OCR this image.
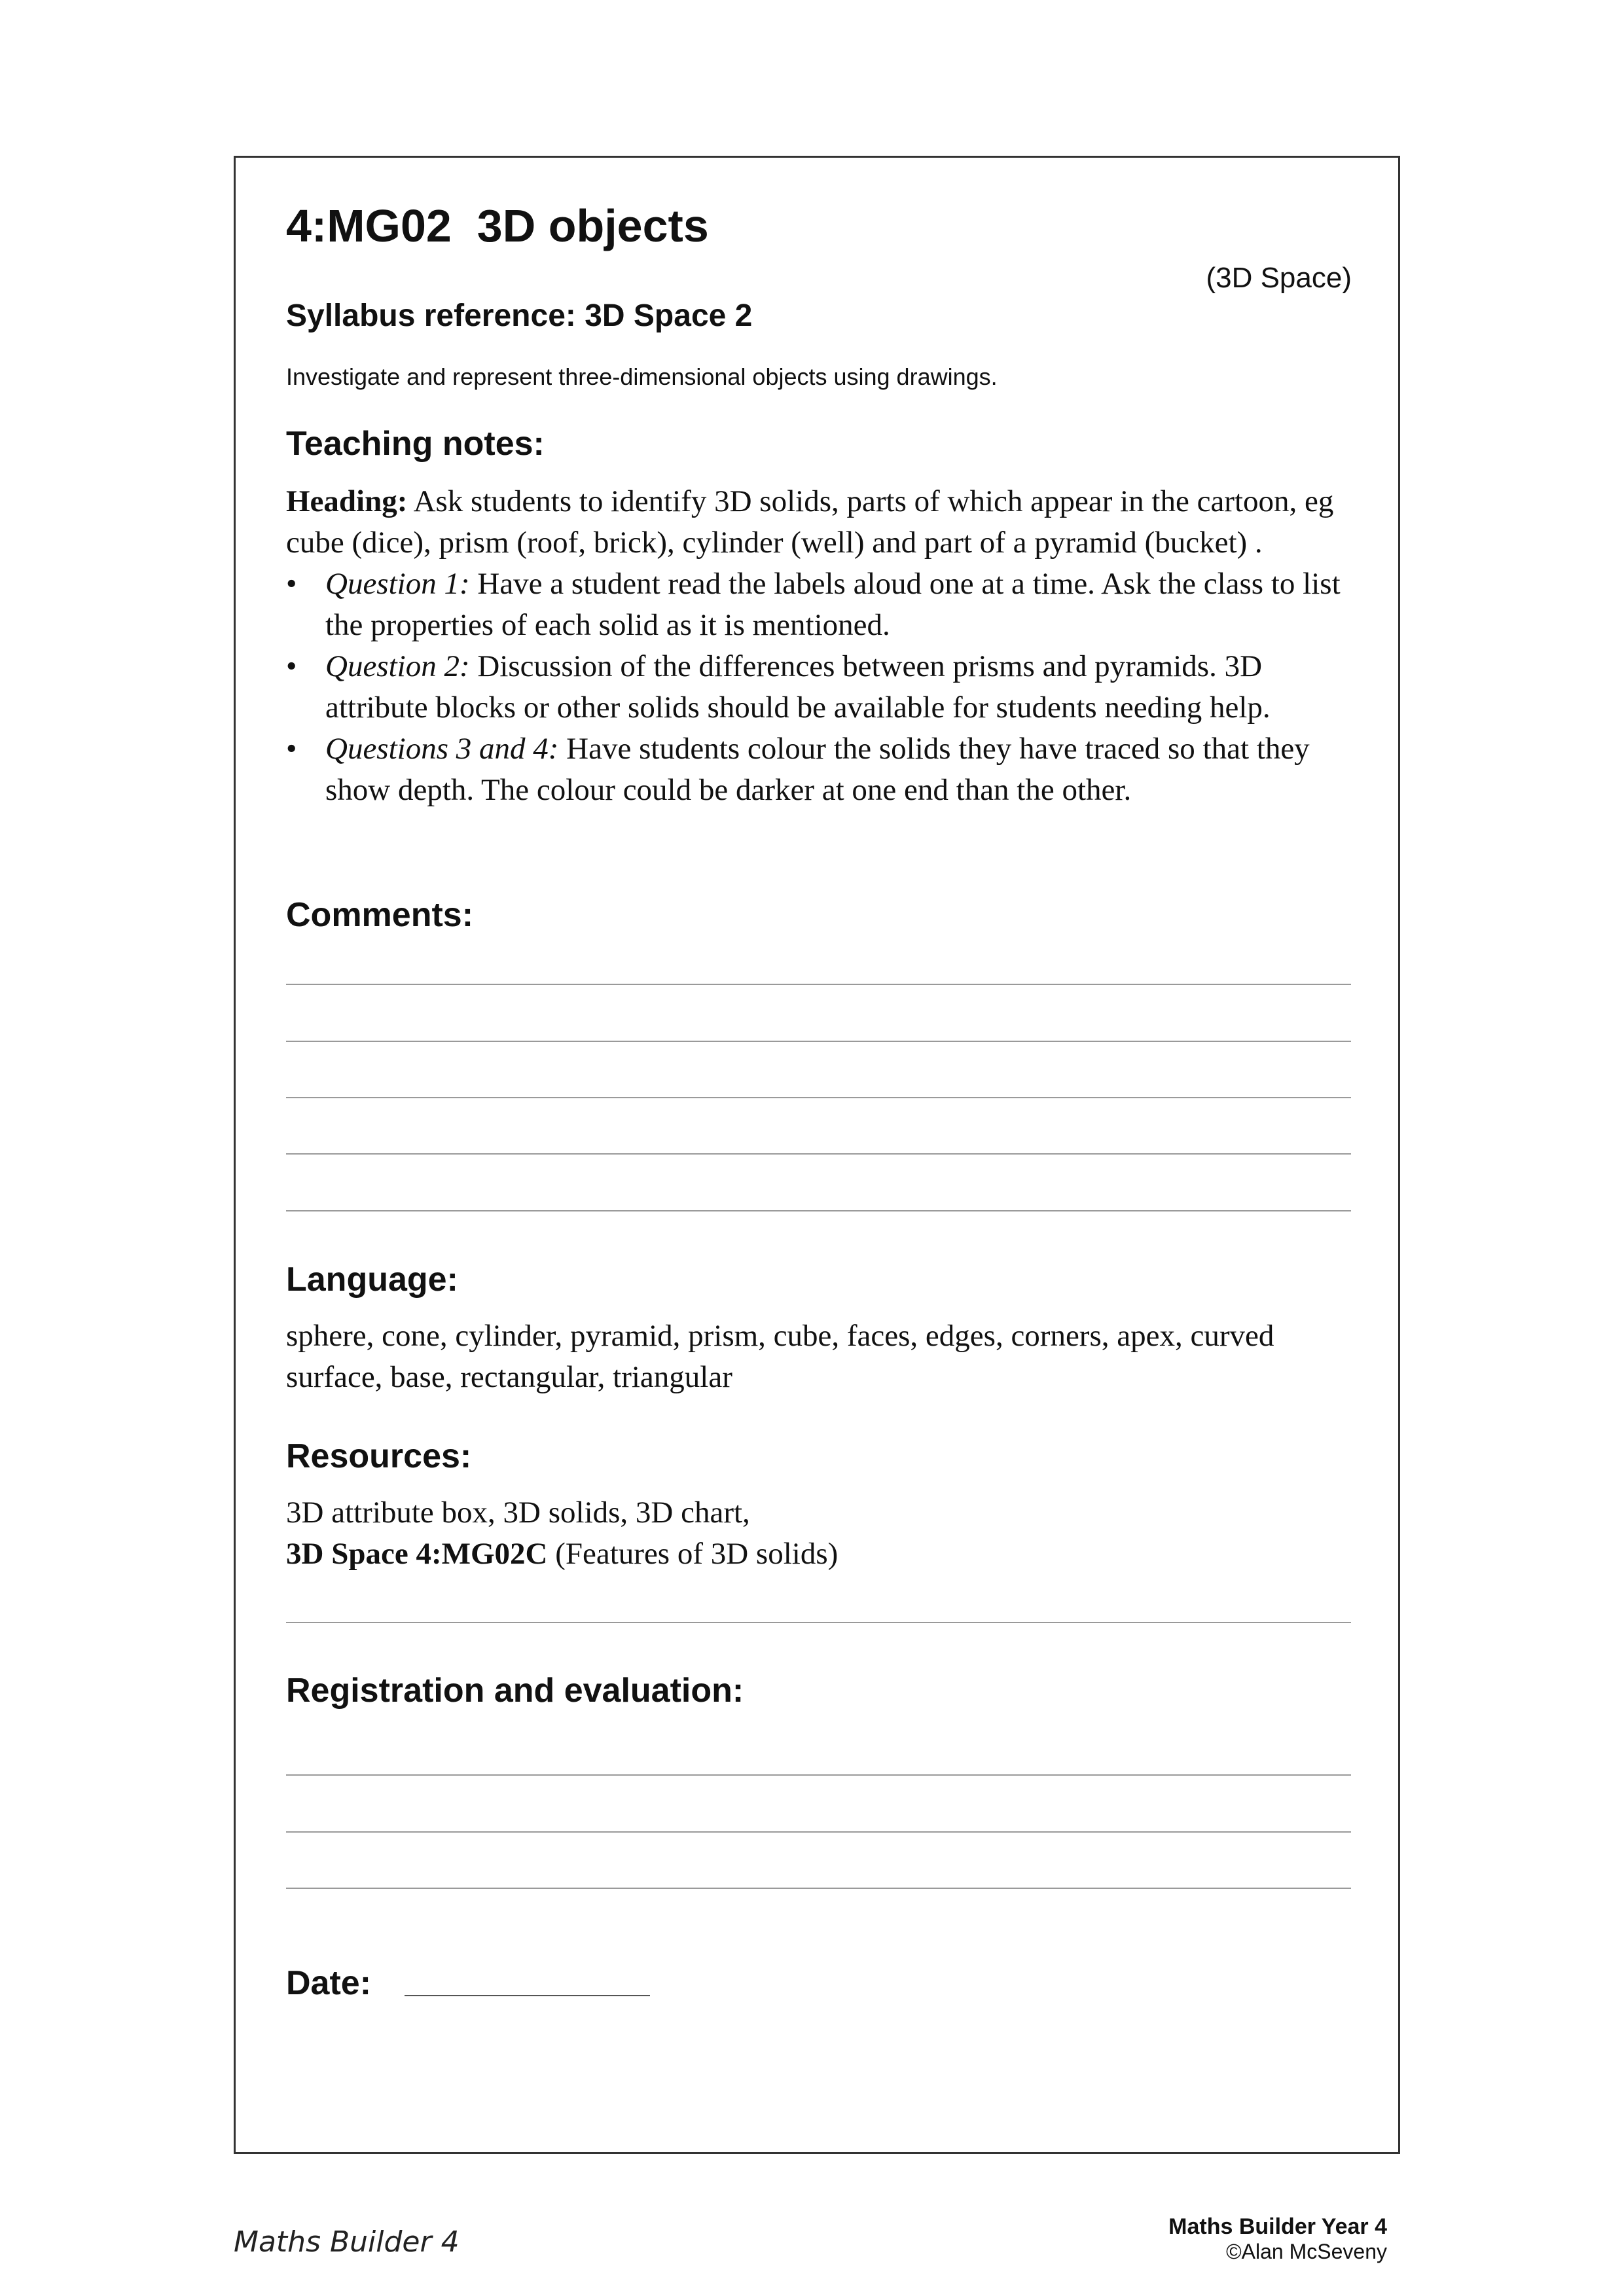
4:MG02  3D objects
(3D Space)
Syllabus reference: 3D Space 2
Investigate and represent three-dimensional objects using drawings.
Teaching notes:

Heading: Ask students to identify 3D solids, parts of which appear in the cartoon, eg cube (dice), prism (roof, brick), cylinder (well) and part of a pyramid (bucket) .

• Question 1: Have a student read the labels aloud one at a time. Ask the class to list the properties of each solid as it is mentioned.
• Question 2: Discussion of the differences between prisms and pyramids. 3D attribute blocks or other solids should be available for students needing help.
• Questions 3 and 4: Have students colour the solids they have traced so that they show depth. The colour could be darker at one end than the other.
Comments:
Language:
sphere, cone, cylinder, pyramid, prism, cube, faces, edges, corners, apex, curved surface, base, rectangular, triangular
Resources:
3D attribute box, 3D solids, 3D chart,
3D Space 4:MG02C (Features of 3D solids)
Registration and evaluation:
Date:
Maths Builder 4	Maths Builder Year 4
©Alan McSeveny
